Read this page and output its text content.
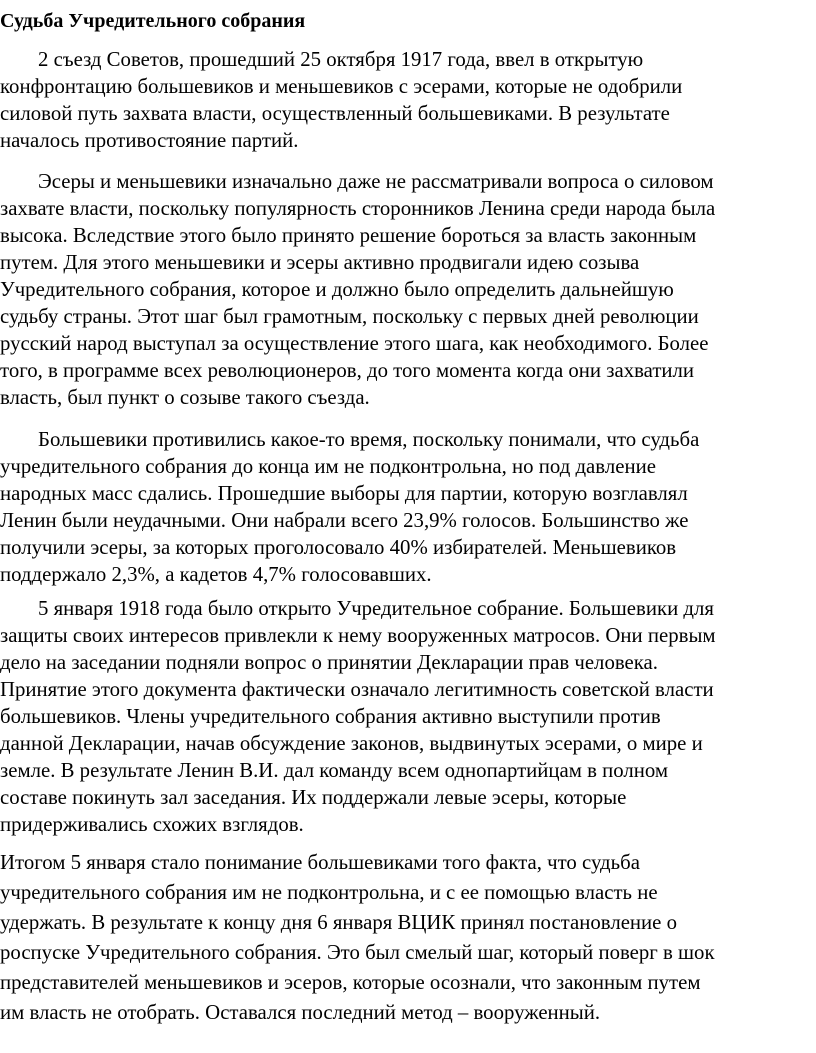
Судьба Учредительного собрания

2 съезд Советов, прошедший 25 октября 1917 года, ввел в открытую

конфронтацию большевиков и меньшевиков с эсерами, которые не одобрили

силовой путь захвата власти, осуществленный большевиками. В результате

началось противостояние партий.

Эсеры и меньшевики изначально даже не рассматривали вопроса о силовом

захвате власти, поскольку популярность сторонников Ленина среди народа была

высока. Вследствие этого было принято решение бороться за власть законным

путем. Для этого меньшевики и эсеры активно продвигали идею созыва

Учредительного собрания, которое и должно было определить дальнейшую

судьбу страны. Этот шаг был грамотным, поскольку с первых дней революции

русский народ выступал за осуществление этого шага, как необходимого. Более

того, в программе всех революционеров, до того момента когда они захватили

власть, был пункт о созыве такого съезда.

Большевики противились какое-то время, поскольку понимали, что судьба

учредительного собрания до конца им не подконтрольна, но под давление

народных масс сдались. Прошедшие выборы для партии, которую возглавлял

Ленин были неудачными. Они набрали всего 23,9% голосов. Большинство же

получили эсеры, за которых проголосовало 40% избирателей. Меньшевиков

поддержало 2,3%, а кадетов 4,7% голосовавших.

5 января 1918 года было открыто Учредительное собрание. Большевики для

защиты своих интересов привлекли к нему вооруженных матросов. Они первым

дело на заседании подняли вопрос о принятии Декларации прав человека.

Принятие этого документа фактически означало легитимность советской власти

большевиков. Члены учредительного собрания активно выступили против

данной Декларации, начав обсуждение законов, выдвинутых эсерами, о мире и

земле. В результате Ленин В.И. дал команду всем однопартийцам в полном

составе покинуть зал заседания. Их поддержали левые эсеры, которые

придерживались схожих взглядов.

Итогом 5 января стало понимание большевиками того факта, что судьба

учредительного собрания им не подконтрольна, и с ее помощью власть не

удержать. В результате к концу дня 6 января ВЦИК принял постановление о

роспуске Учредительного собрания. Это был смелый шаг, который поверг в шок

представителей меньшевиков и эсеров, которые осознали, что законным путем

им власть не отобрать. Оставался последний метод – вооруженный.
